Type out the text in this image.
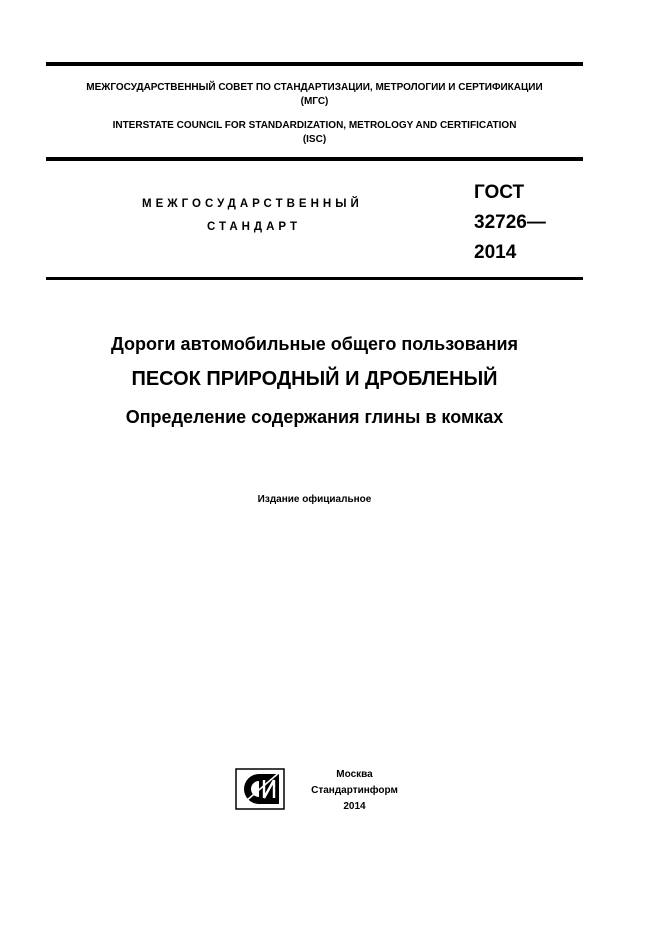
МЕЖГОСУДАРСТВЕННЫЙ СОВЕТ ПО СТАНДАРТИЗАЦИИ, МЕТРОЛОГИИ И СЕРТИФИКАЦИИ
(МГС)
INTERSTATE COUNCIL FOR STANDARDIZATION, METROLOGY AND CERTIFICATION
(ISC)
МЕЖГОСУДАРСТВЕННЫЙ
СТАНДАРТ
ГОСТ
32726—
2014
Дороги автомобильные общего пользования
ПЕСОК ПРИРОДНЫЙ И ДРОБЛЕНЫЙ
Определение содержания глины в комках
Издание официальное
Москва
Стандартинформ
2014
